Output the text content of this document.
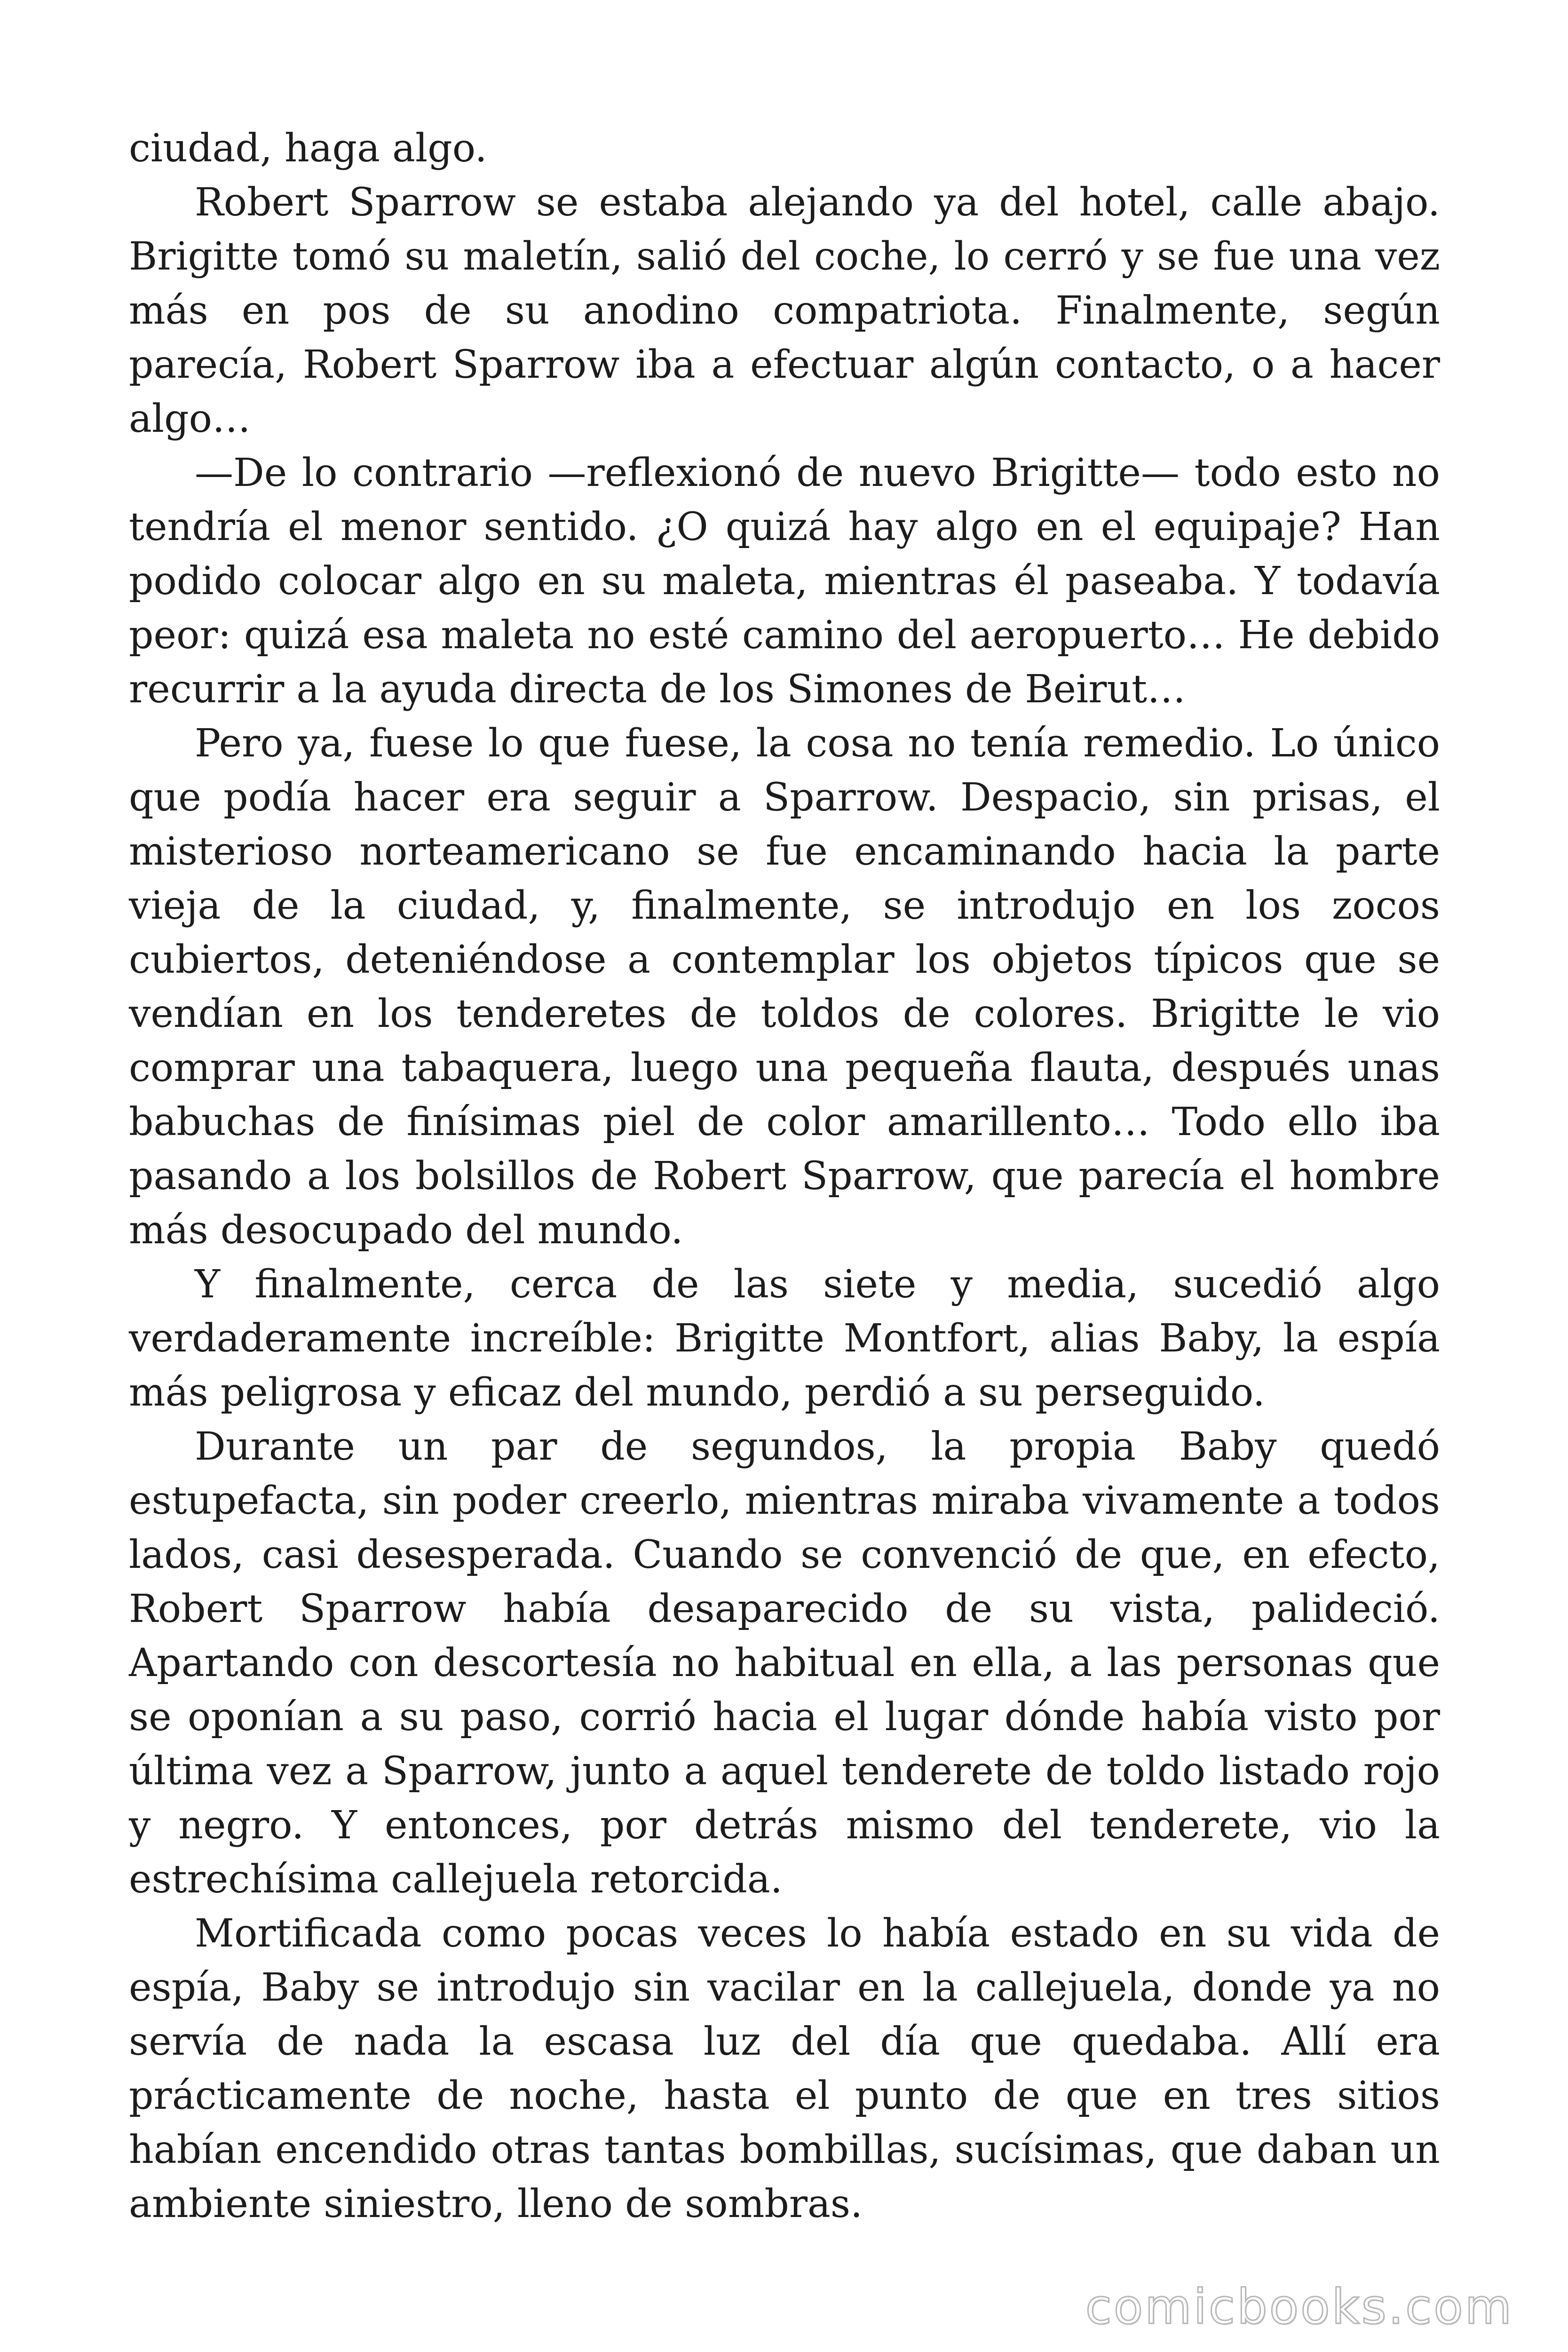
ciudad, haga algo.

Robert Sparrow se estaba alejando ya del hotel, calle abajo. Brigitte tomó su maletín, salió del coche, lo cerró y se fue una vez más en pos de su anodino compatriota. Finalmente, según parecía, Robert Sparrow iba a efectuar algún contacto, o a hacer algo…

—De lo contrario —reflexionó de nuevo Brigitte— todo esto no tendría el menor sentido. ¿O quizá hay algo en el equipaje? Han podido colocar algo en su maleta, mientras él paseaba. Y todavía peor: quizá esa maleta no esté camino del aeropuerto… He debido recurrir a la ayuda directa de los Simones de Beirut…

Pero ya, fuese lo que fuese, la cosa no tenía remedio. Lo único que podía hacer era seguir a Sparrow. Despacio, sin prisas, el misterioso norteamericano se fue encaminando hacia la parte vieja de la ciudad, y, finalmente, se introdujo en los zocos cubiertos, deteniéndose a contemplar los objetos típicos que se vendían en los tenderetes de toldos de colores. Brigitte le vio comprar una tabaquera, luego una pequeña flauta, después unas babuchas de finísimas piel de color amarillento… Todo ello iba pasando a los bolsillos de Robert Sparrow, que parecía el hombre más desocupado del mundo.

Y finalmente, cerca de las siete y media, sucedió algo verdaderamente increíble: Brigitte Montfort, alias Baby, la espía más peligrosa y eficaz del mundo, perdió a su perseguido.

Durante un par de segundos, la propia Baby quedó estupefacta, sin poder creerlo, mientras miraba vivamente a todos lados, casi desesperada. Cuando se convenció de que, en efecto, Robert Sparrow había desaparecido de su vista, palideció. Apartando con descortesía no habitual en ella, a las personas que se oponían a su paso, corrió hacia el lugar dónde había visto por última vez a Sparrow, junto a aquel tenderete de toldo listado rojo y negro. Y entonces, por detrás mismo del tenderete, vio la estrechísima callejuela retorcida.

Mortificada como pocas veces lo había estado en su vida de espía, Baby se introdujo sin vacilar en la callejuela, donde ya no servía de nada la escasa luz del día que quedaba. Allí era prácticamente de noche, hasta el punto de que en tres sitios habían encendido otras tantas bombillas, sucísimas, que daban un ambiente siniestro, lleno de sombras.

comicbooks.com
